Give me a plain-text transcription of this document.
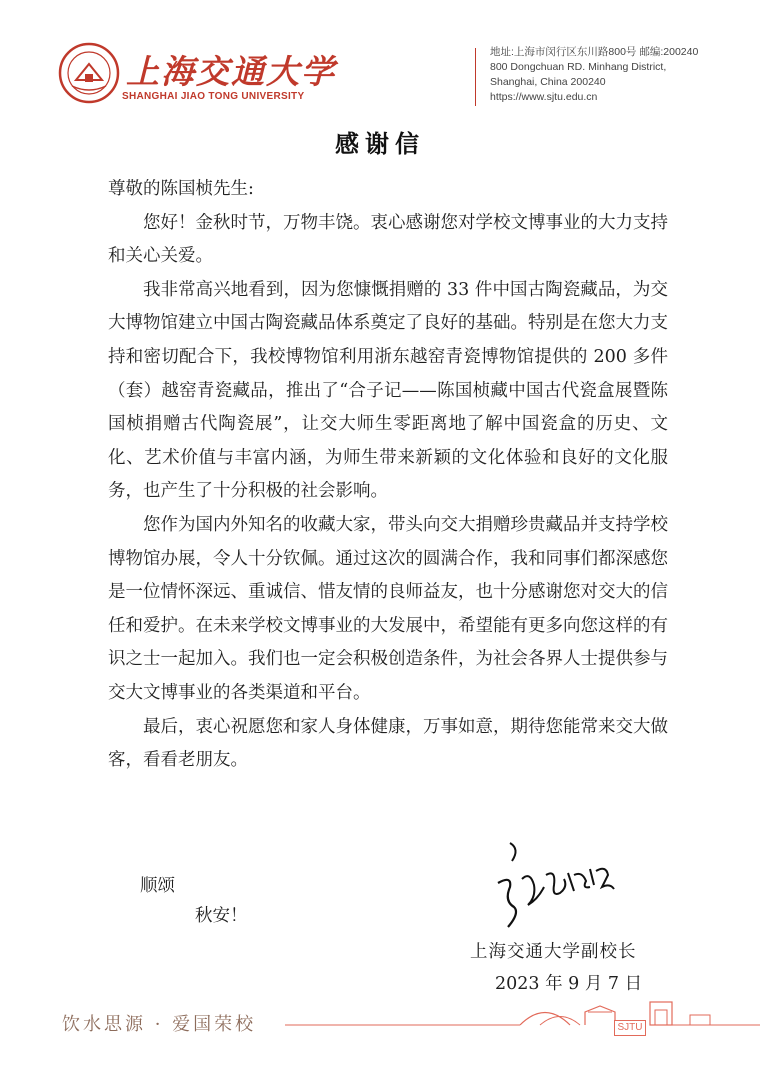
上海交通大学
SHANGHAI JIAO TONG UNIVERSITY
地址:上海市闵行区东川路800号 邮编:200240
800 Dongchuan RD. Minhang District,
Shanghai, China 200240
https://www.sjtu.edu.cn
感谢信

尊敬的陈国桢先生:

您好！金秋时节，万物丰饶。衷心感谢您对学校文博事业的大力支持和关心关爱。

我非常高兴地看到，因为您慷慨捐赠的 33 件中国古陶瓷藏品，为交大博物馆建立中国古陶瓷藏品体系奠定了良好的基础。特别是在您大力支持和密切配合下，我校博物馆利用浙东越窑青瓷博物馆提供的 200 多件（套）越窑青瓷藏品，推出了“合子记——陈国桢藏中国古代瓷盒展暨陈国桢捐赠古代陶瓷展”，让交大师生零距离地了解中国瓷盒的历史、文化、艺术价值与丰富内涵，为师生带来新颖的文化体验和良好的文化服务，也产生了十分积极的社会影响。

您作为国内外知名的收藏大家，带头向交大捐赠珍贵藏品并支持学校博物馆办展，令人十分钦佩。通过这次的圆满合作，我和同事们都深感您是一位情怀深远、重诚信、惜友情的良师益友，也十分感谢您对交大的信任和爱护。在未来学校文博事业的大发展中，希望能有更多向您这样的有识之士一起加入。我们也一定会积极创造条件，为社会各界人士提供参与交大文博事业的各类渠道和平台。

最后，衷心祝愿您和家人身体健康，万事如意，期待您能常来交大做客，看看老朋友。

顺颂
秋安！
上海交通大学副校长
2023 年 9 月 7 日
饮水思源 · 爱国荣校	SJTU
